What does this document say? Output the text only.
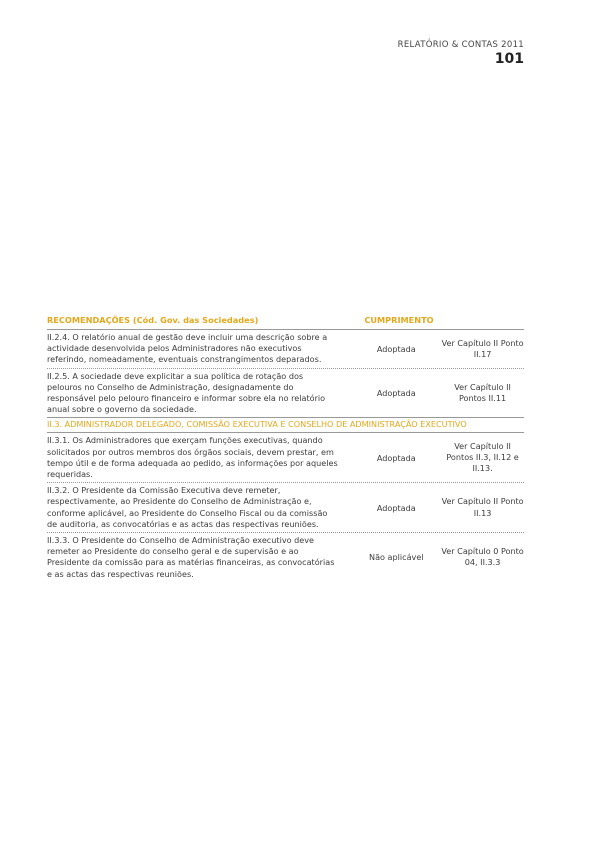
RELATÓRIO & CONTAS 2011
101
RECOMENDAÇÕES (Cód. Gov. das Sociedades)	CUMPRIMENTO
II.2.4. O relatório anual de gestão deve incluir uma descrição sobre a actividade desenvolvida pelos Administradores não executivos referindo, nomeadamente, eventuais constrangimentos deparados.
Adoptada
Ver Capítulo II Ponto II.17
II.2.5. A sociedade deve explicitar a sua política de rotação dos pelouros no Conselho de Administração, designadamente do responsável pelo pelouro financeiro e informar sobre ela no relatório anual sobre o governo da sociedade.
Adoptada
Ver Capítulo II Pontos II.11
II.3. ADMINISTRADOR DELEGADO, COMISSÃO EXECUTIVA E CONSELHO DE ADMINISTRAÇÃO EXECUTIVO
II.3.1. Os Administradores que exerçam funções executivas, quando solicitados por outros membros dos órgãos sociais, devem prestar, em tempo útil e de forma adequada ao pedido, as informações por aqueles requeridas.
Adoptada
Ver Capítulo II Pontos II.3, II.12 e II.13.
II.3.2. O Presidente da Comissão Executiva deve remeter, respectivamente, ao Presidente do Conselho de Administração e, conforme aplicável, ao Presidente do Conselho Fiscal ou da comissão de auditoria, as convocatórias e as actas das respectivas reuniões.
Adoptada
Ver Capítulo II Ponto II.13
II.3.3. O Presidente do Conselho de Administração executivo deve remeter ao Presidente do conselho geral e de supervisão e ao Presidente da comissão para as matérias financeiras, as convocatórias e as actas das respectivas reuniões.
Não aplicável
Ver Capítulo 0 Ponto 04, II.3.3
